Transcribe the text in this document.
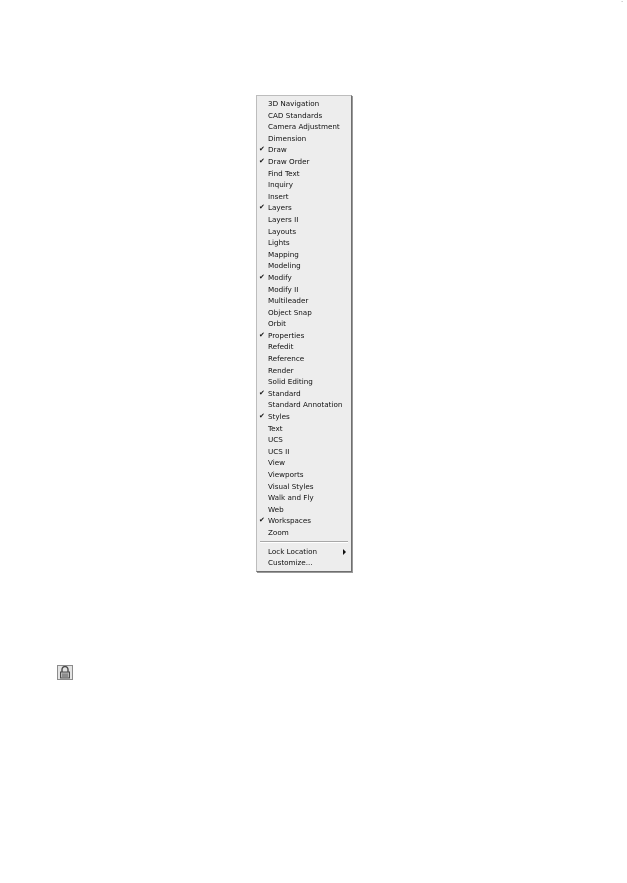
·
3D Navigation
CAD Standards
Camera Adjustment
Dimension
✔ Draw
✔ Draw Order
Find Text
Inquiry
Insert
✔ Layers
Layers II
Layouts
Lights
Mapping
Modeling
✔ Modify
Modify II
Multileader
Object Snap
Orbit
✔ Properties
Refedit
Reference
Render
Solid Editing
✔ Standard
Standard Annotation
✔ Styles
Text
UCS
UCS II
View
Viewports
Visual Styles
Walk and Fly
Web
✔ Workspaces
Zoom
Lock Location
Customize...
